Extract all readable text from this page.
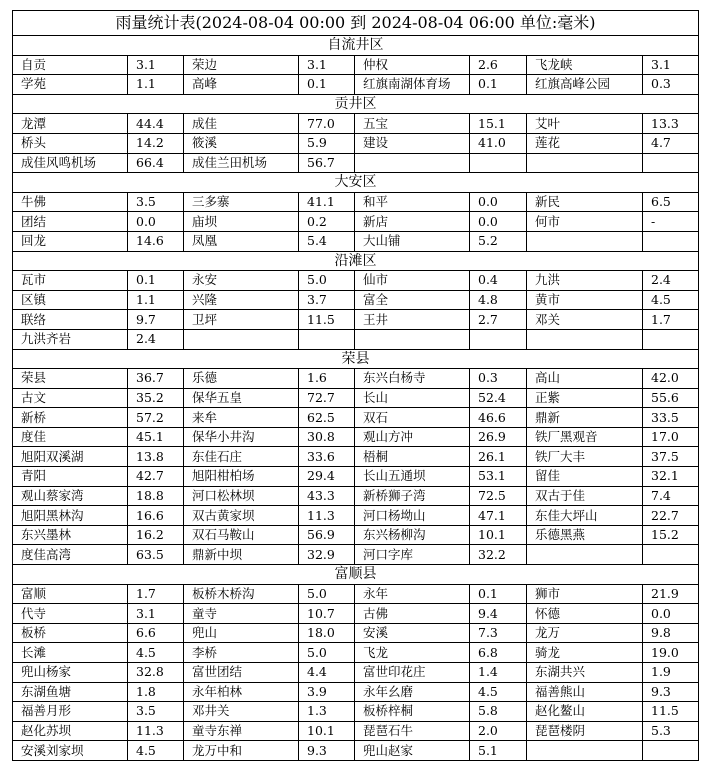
雨量统计表(2024-08-04 00:00 到 2024-08-04 06:00 单位:毫米)							
自流井区							
自贡	3.1	荣边	3.1	仲权	2.6	飞龙峡	3.1
学苑	1.1	高峰	0.1	红旗南湖体育场	0.1	红旗高峰公园	0.3
贡井区							
龙潭	44.4	成佳	77.0	五宝	15.1	艾叶	13.3
桥头	14.2	筱溪	5.9	建设	41.0	莲花	4.7
成佳风鸣机场	66.4	成佳兰田机场	56.7				
大安区							
牛佛	3.5	三多寨	41.1	和平	0.0	新民	6.5
团结	0.0	庙坝	0.2	新店	0.0	何市	-
回龙	14.6	凤凰	5.4	大山铺	5.2		
沿滩区							
瓦市	0.1	永安	5.0	仙市	0.4	九洪	2.4
区镇	1.1	兴隆	3.7	富全	4.8	黄市	4.5
联络	9.7	卫坪	11.5	王井	2.7	邓关	1.7
九洪齐岩	2.4						
荣县							
荣县	36.7	乐德	1.6	东兴白杨寺	0.3	高山	42.0
古文	35.2	保华五皇	72.7	长山	52.4	正紫	55.6
新桥	57.2	来牟	62.5	双石	46.6	鼎新	33.5
度佳	45.1	保华小井沟	30.8	观山方冲	26.9	铁厂黑观音	17.0
旭阳双溪湖	13.8	东佳石庄	33.6	梧桐	26.1	铁厂大丰	37.5
青阳	42.7	旭阳柑柏场	29.4	长山五通坝	53.1	留佳	32.1
观山蔡家湾	18.8	河口松林坝	43.3	新桥狮子湾	72.5	双古于佳	7.4
旭阳黑林沟	16.6	双古黄家坝	11.3	河口杨坳山	47.1	东佳大坪山	22.7
东兴墨林	16.2	双石马鞍山	56.9	东兴杨柳沟	10.1	乐德黑燕	15.2
度佳高湾	63.5	鼎新中坝	32.9	河口字库	32.2		
富顺县							
富顺	1.7	板桥木桥沟	5.0	永年	0.1	狮市	21.9
代寺	3.1	童寺	10.7	古佛	9.4	怀德	0.0
板桥	6.6	兜山	18.0	安溪	7.3	龙万	9.8
长滩	4.5	李桥	5.0	飞龙	6.8	骑龙	19.0
兜山杨家	32.8	富世团结	4.4	富世印花庄	1.4	东湖共兴	1.9
东湖鱼塘	1.8	永年柏林	3.9	永年幺磨	4.5	福善熊山	9.3
福善月形	3.5	邓井关	1.3	板桥梓桐	5.8	赵化鳌山	11.5
赵化苏坝	11.3	童寺东禅	10.1	琵琶石牛	2.0	琵琶楼阴	5.3
安溪刘家坝	4.5	龙万中和	9.3	兜山赵家	5.1		
